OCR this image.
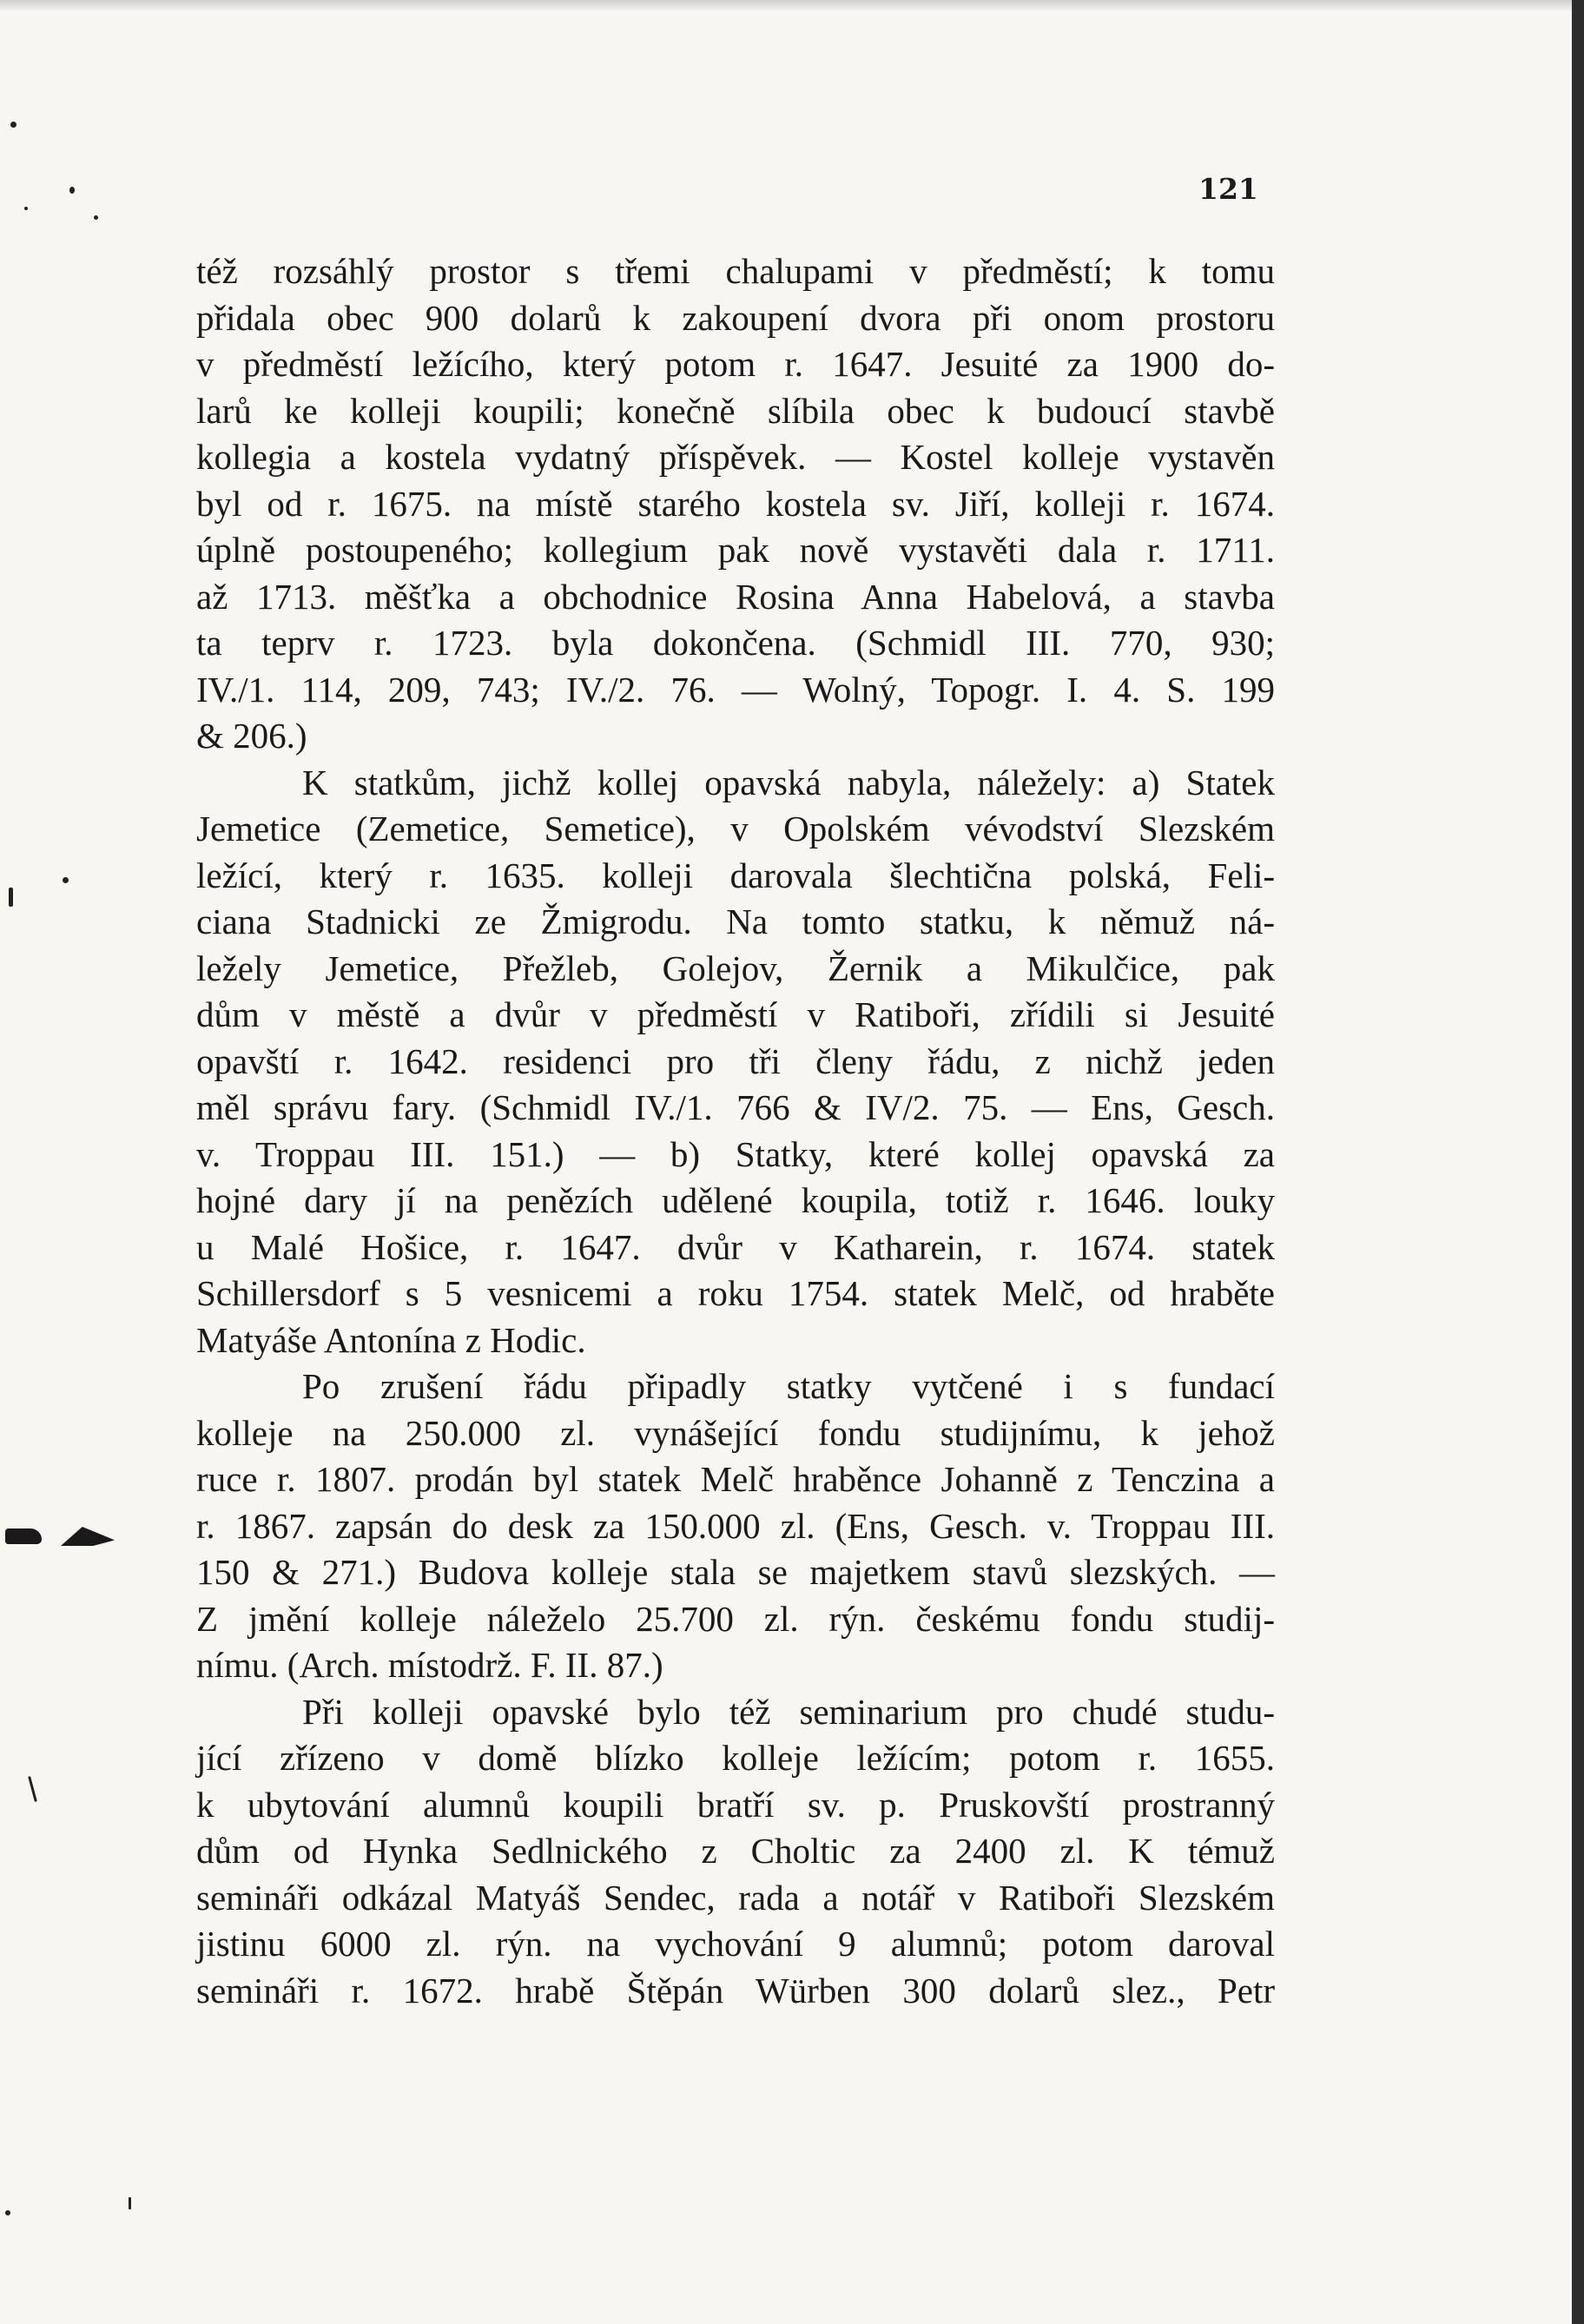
121
též rozsáhlý prostor s třemi chalupami v předměstí; k tomu
přidala obec 900 dolarů k zakoupení dvora při onom prostoru
v předměstí ležícího, který potom r. 1647. Jesuité za 1900 do-
larů ke kolleji koupili; konečně slíbila obec k budoucí stavbě
kollegia a kostela vydatný příspěvek. — Kostel kolleje vystavěn
byl od r. 1675. na místě starého kostela sv. Jiří, kolleji r. 1674.
úplně postoupeného; kollegium pak nově vystavěti dala r. 1711.
až 1713. měšťka a obchodnice Rosina Anna Habelová, a stavba
ta teprv r. 1723. byla dokončena. (Schmidl III. 770, 930;
IV./1. 114, 209, 743; IV./2. 76. — Wolný, Topogr. I. 4. S. 199
& 206.)
K statkům, jichž kollej opavská nabyla, náležely: a) Statek
Jemetice (Zemetice, Semetice), v Opolském vévodství Slezském
ležící, který r. 1635. kolleji darovala šlechtična polská, Feli-
ciana Stadnicki ze Žmigrodu. Na tomto statku, k němuž ná-
ležely Jemetice, Přežleb, Golejov, Žernik a Mikulčice, pak
dům v městě a dvůr v předměstí v Ratiboři, zřídili si Jesuité
opavští r. 1642. residenci pro tři členy řádu, z nichž jeden
měl správu fary. (Schmidl IV./1. 766 & IV/2. 75. — Ens, Gesch.
v. Troppau III. 151.) — b) Statky, které kollej opavská za
hojné dary jí na penězích udělené koupila, totiž r. 1646. louky
u Malé Hošice, r. 1647. dvůr v Katharein, r. 1674. statek
Schillersdorf s 5 vesnicemi a roku 1754. statek Melč, od hraběte
Matyáše Antonína z Hodic.
Po zrušení řádu připadly statky vytčené i s fundací
kolleje na 250.000 zl. vynášející fondu studijnímu, k jehož
ruce r. 1807. prodán byl statek Melč hraběnce Johanně z Tenczina a
r. 1867. zapsán do desk za 150.000 zl. (Ens, Gesch. v. Troppau III.
150 & 271.) Budova kolleje stala se majetkem stavů slezských. —
Z jmění kolleje náleželo 25.700 zl. rýn. českému fondu studij-
nímu. (Arch. místodrž. F. II. 87.)
Při kolleji opavské bylo též seminarium pro chudé studu-
jící zřízeno v domě blízko kolleje ležícím; potom r. 1655.
k ubytování alumnů koupili bratří sv. p. Pruskovští prostranný
dům od Hynka Sedlnického z Choltic za 2400 zl. K témuž
semináři odkázal Matyáš Sendec, rada a notář v Ratiboři Slezském
jistinu 6000 zl. rýn. na vychování 9 alumnů; potom daroval
semináři r. 1672. hrabě Štěpán Würben 300 dolarů slez., Petr
